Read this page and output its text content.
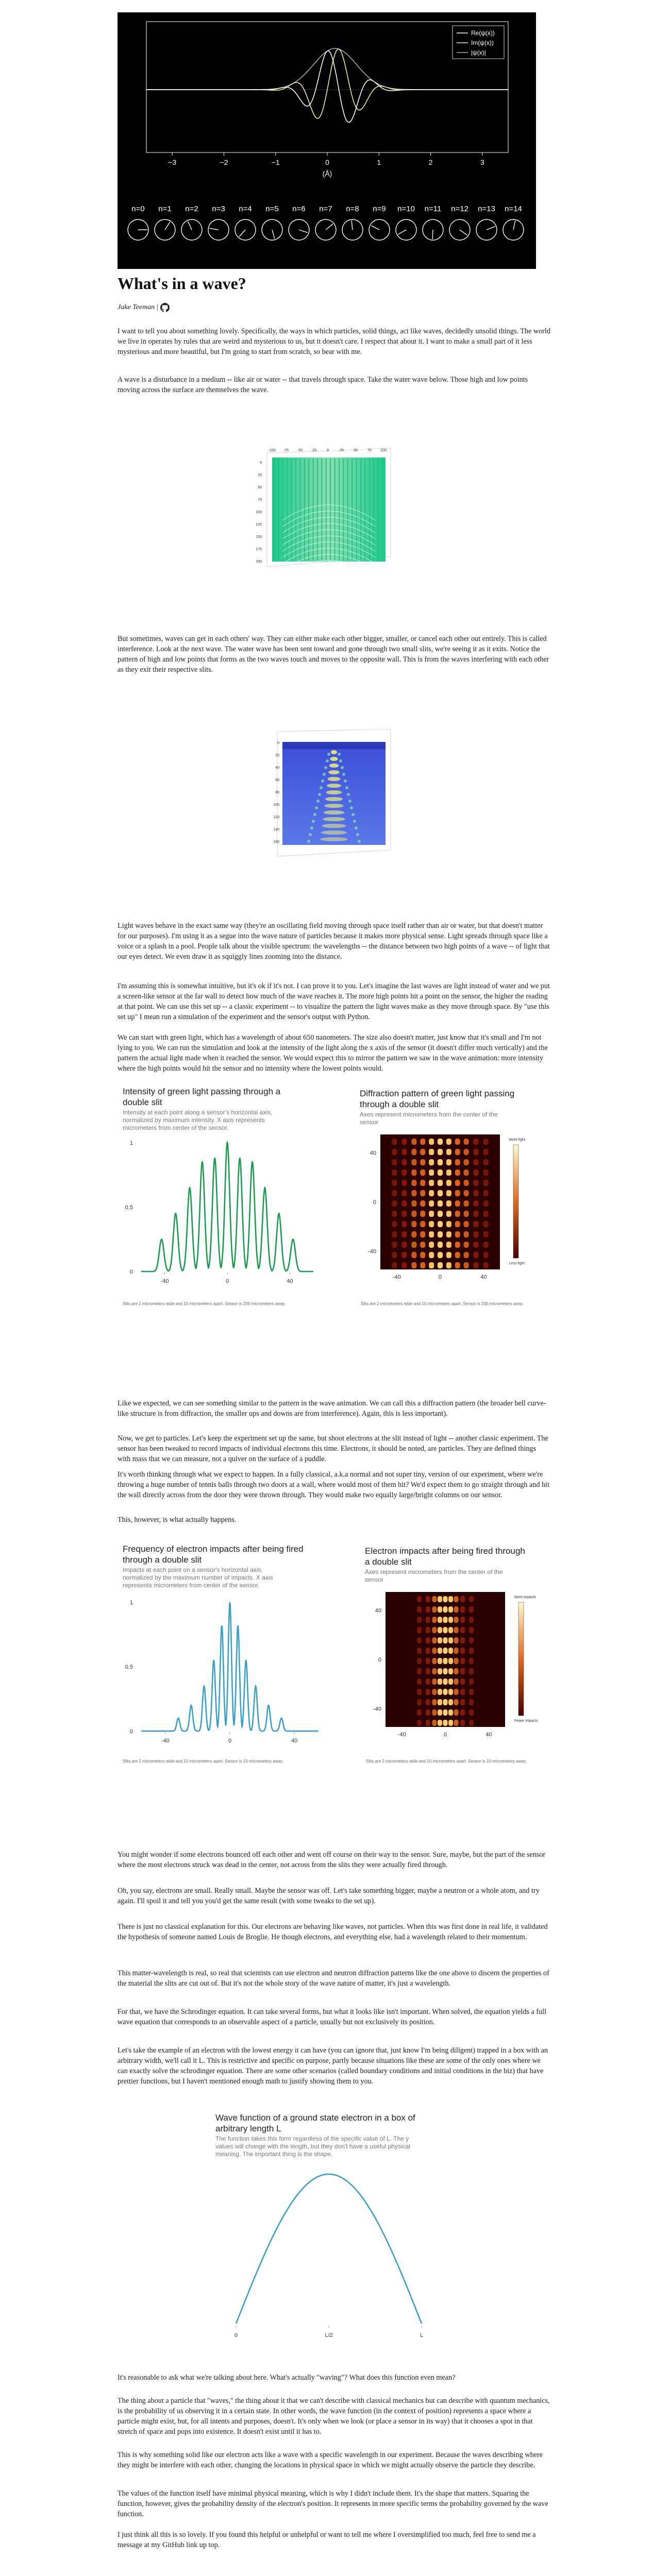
Re(ψ(x))
Im(ψ(x))
|ψ(x)|
−3	−2	−1	0	1	2	3
(Å)
n=0 n=1 n=2 n=3 n=4 n=5 n=6 n=7 n=8 n=9 n=10 n=11 n=12 n=13 n=14
What's in a wave?
Jake Teeman |

I want to tell you about something lovely. Specifically, the ways in which particles, solid things, act like waves, decidedly unsolid things. The world we live in operates by rules that are weird and mysterious to us, but it doesn't care. I respect that about it. I want to make a small part of it less mysterious and more beautiful, but I'm going to start from scratch, so bear with me.

A wave is a disturbance in a medium -- like air or water -- that travels through space. Take the water wave below. Those high and low points moving across the surface are themselves the wave.

-100
0
-75
25
-50
50
-25
75
0
100
25
125
50
150
75
175
100
200

But sometimes, waves can get in each others' way. They can either make each other bigger, smaller, or cancel each other out entirely. This is called interference. Look at the next wave. The water wave has been sent toward and gone through two small slits, we're seeing it as it exits. Notice the pattern of high and low points that forms as the two waves touch and moves to the opposite wall. This is from the waves interfering with each other as they exit their respective slits.

0
20
40
60
80
100
120
140
160

Light waves behave in the exact same way (they're an oscillating field moving through space itself rather than air or water, but that doesn't matter for our purposes). I'm using it as a segue into the wave nature of particles because it makes more physical sense. Light spreads through space like a voice or a splash in a pool. People talk about the visible spectrum: the wavelengths -- the distance between two high points of a wave -- of light that our eyes detect. We even draw it as squiggly lines zooming into the distance.

I'm assuming this is somewhat intuitive, but it's ok if it's not. I can prove it to you. Let's imagine the last waves are light instead of water and we put a screen-like sensor at the far wall to detect how much of the wave reaches it. The more high points hit a point on the sensor, the higher the reading at that point. We can use this set up -- a classic experiment -- to visualize the pattern the light waves make as they move through space. By "use this set up" I mean run a simulation of the experiment and the sensor's output with Python.

We can start with green light, which has a wavelength of about 650 nanometers. The size also doesn't matter, just know that it's small and I'm not lying to you. We can run the simulation and look at the intensity of the light along the x axis of the sensor (it doesn't differ much vertically) and the pattern the actual light made when it reached the sensor. We would expect this to mirror the pattern we saw in the wave animation: more intensity where the high points would hit the sensor and no intensity where the lowest points would.

Intensity of green light passing through a double slit
Intensity at each point along a sensor's horizontal axis, normalized by maximum intensity. X axis represents micrometers from center of the sensor.
0
0.5
1
-40	0	40
Slits are 2 micrometers wide and 10 micrometers apart. Sensor is 200 micrometers away.
Diffraction pattern of green light passing through a double slit
Axes represent micrometers from the center of the sensor
-40	0	40
40
0
-40
More light
Less light
Slits are 2 micrometers wide and 10 micrometers apart. Sensor is 200 micrometers away.

Like we expected, we can see something similar to the pattern in the wave animation. We can call this a diffraction pattern (the broader bell curve-like structure is from diffraction, the smaller ups and downs are from interference). Again, this is less important).

Now, we get to particles. Let's keep the experiment set up the same, but shoot electrons at the slit instead of light -- another classic experiment. The sensor has been tweaked to record impacts of individual electrons this time. Electrons, it should be noted, are particles. They are defined things with mass that we can measure, not a quiver on the surface of a puddle.

It's worth thinking through what we expect to happen. In a fully classical, a.k.a normal and not super tiny, version of our experiment, where we're throwing a huge number of tennis balls through two doors at a wall, where would most of them hit? We'd expect them to go straight through and hit the wall directly across from the door they were thrown through. They would make two equally large/bright columns on our sensor.

This, however, is what actually happens.

Frequency of electron impacts after being fired through a double slit
Impacts at each point on a sensor's horizontal axis, normalized by the maximum number of impacts. X axis represents micrometers from center of the sensor.
0
0.5
1
-40	0	40
Slits are 2 micrometers wide and 10 micrometers apart. Sensor is 10 micrometers away.
Electron impacts after being fired through a double slit
Axes represent micrometers from the center of the sensor
-40	0	40
40
0
-40
More impacts
Fewer impacts
Slits are 2 micrometers wide and 10 micrometers apart. Sensor is 10 micrometers away.

You might wonder if some electrons bounced off each other and went off course on their way to the sensor. Sure, maybe, but the part of the sensor where the most electrons struck was dead in the center, not across from the slits they were actually fired through.

Oh, you say, electrons are small. Really small. Maybe the sensor was off. Let's take something bigger, maybe a neutron or a whole atom, and try again. I'll spoil it and tell you you'd get the same result (with some tweaks to the set up).

There is just no classical explanation for this. Our electrons are behaving like waves, not particles. When this was first done in real life, it validated the hypothesis of someone named Louis de Broglie. He though electrons, and everything else, had a wavelength related to their momentum.

This matter-wavelength is real, so real that scientists can use electron and neutron diffraction patterns like the one above to discern the properties of the material the slits are cut out of. But it's not the whole story of the wave nature of matter, it's just a wavelength.

For that, we have the Schrodinger equation. It can take several forms, but what it looks like isn't important. When solved, the equation yields a full wave equation that corresponds to an observable aspect of a particle, usually but not exclusively its position.

Let's take the example of an electron with the lowest energy it can have (you can ignore that, just know I'm being diligent) trapped in a box with an arbitrary width, we'll call it L. This is restrictive and specific on purpose, partly because situations like these are some of the only ones where we can exactly solve the schrodinger equation. There are some other scenarios (called boundary conditions and initial conditions in the biz) that have prettier functions, but I haven't mentioned enough math to justify showing them to you.

Wave function of a ground state electron in a box of arbitrary length L
The function takes this form regardless of the specific value of L. The y values will change with the length, but they don't have a useful physical meaning. The important thing is the shape.
0	L/2	L

It's reasonable to ask what we're talking about here. What's actually "waving"? What does this function even mean?

The thing about a particle that "waves," the thing about it that we can't describe with classical mechanics but can describe with quantum mechanics, is the probability of us observing it in a certain state. In other words, the wave function (in the context of position) represents a space where a particle might exist, but, for all intents and purposes, doesn't. It's only when we look (or place a sensor in its way) that it chooses a spot in that stretch of space and pops into existence. It doesn't exist until it has to.

This is why something solid like our electron acts like a wave with a specific wavelength in our experiment. Because the waves describing where they might be interfere with each other, changing the locations in physical space in which we might actually observe the particle they describe.

The values of the function itself have minimal physical meaning, which is why I didn't include them. It's the shape that matters. Squaring the function, however, gives the probability density of the electron's position. It represents in more specific terms the probability governed by the wave function.

I just think all this is so lovely. If you found this helpful or unhelpful or want to tell me where I oversimplified too much, feel free to send me a message at my GitHub link up top.
